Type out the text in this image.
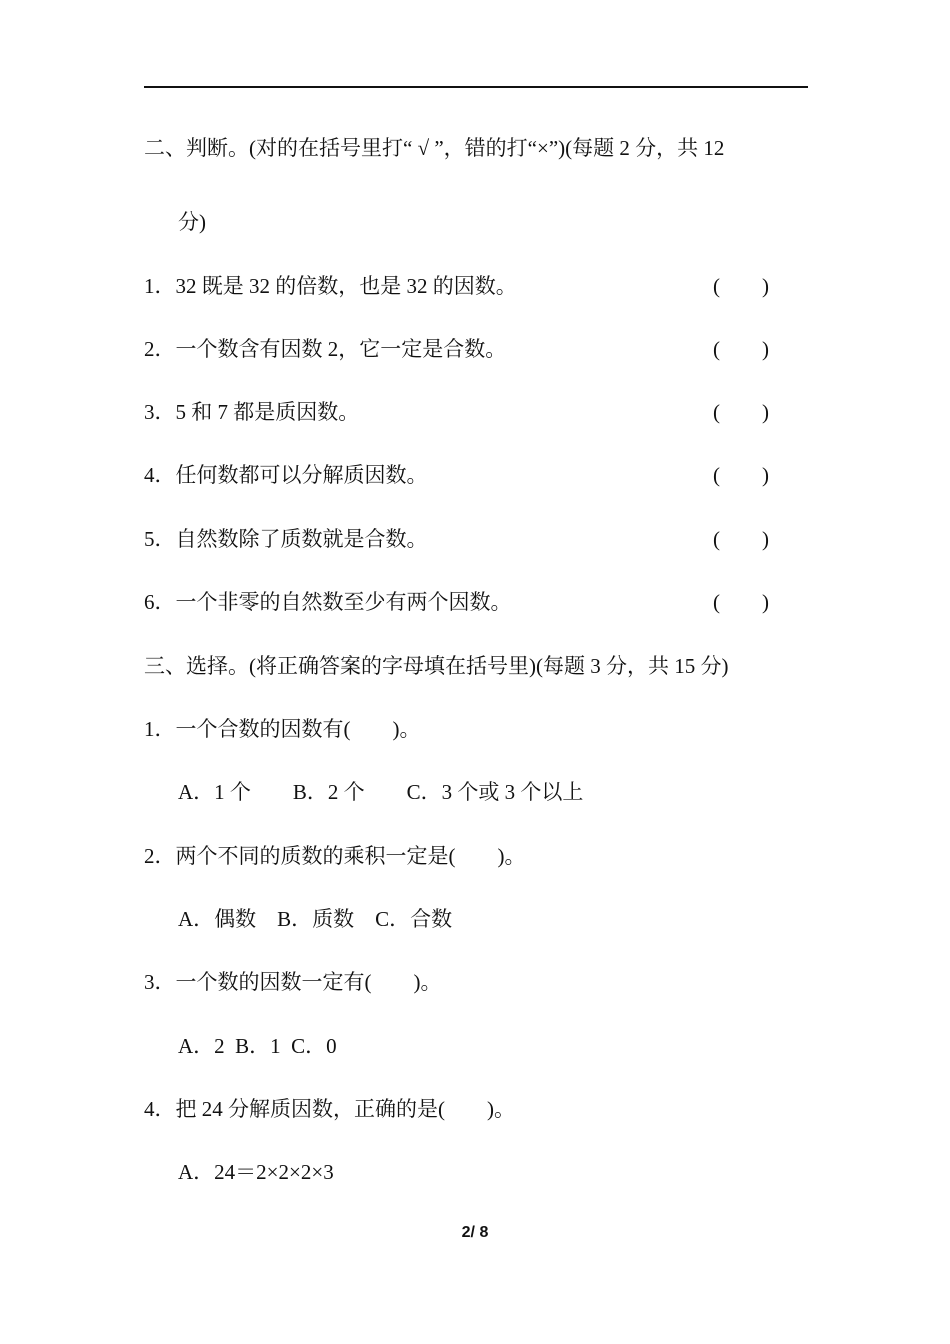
二、判断。(对的在括号里打“ √ ”，错的打“×”)(每题 2 分，共 12
分)
1．32 既是 32 的倍数，也是 32 的因数。	(　　)
2．一个数含有因数 2，它一定是合数。	(　　)
3．5 和 7 都是质因数。	(　　)
4．任何数都可以分解质因数。	(　　)
5．自然数除了质数就是合数。	(　　)
6．一个非零的自然数至少有两个因数。	(　　)
三、选择。(将正确答案的字母填在括号里)(每题 3 分，共 15 分)
1．一个合数的因数有(　　)。
A．1 个　　B．2 个　　C．3 个或 3 个以上
2．两个不同的质数的乘积一定是(　　)。
A．偶数　B．质数　C．合数
3．一个数的因数一定有(　　)。
A．2  B．1  C．0
4．把 24 分解质因数，正确的是(　　)。
A．24＝2×2×2×3
2/ 8
